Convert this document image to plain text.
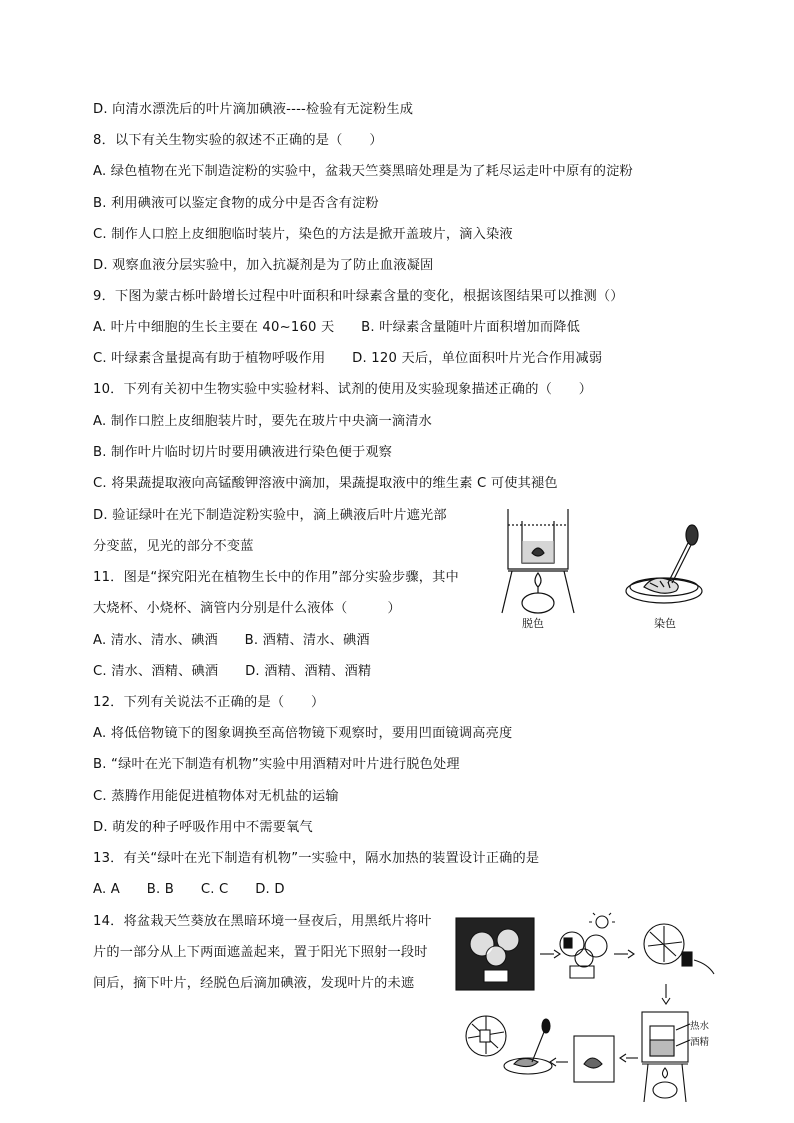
D. 向清水漂洗后的叶片滴加碘液----检验有无淀粉生成
8．以下有关生物实验的叙述不正确的是（　　）
A. 绿色植物在光下制造淀粉的实验中，盆栽天竺葵黑暗处理是为了耗尽运走叶中原有的淀粉
B. 利用碘液可以鉴定食物的成分中是否含有淀粉
C. 制作人口腔上皮细胞临时装片，染色的方法是掀开盖玻片，滴入染液
D. 观察血液分层实验中，加入抗凝剂是为了防止血液凝固
9．下图为蒙古栎叶龄增长过程中叶面积和叶绿素含量的变化，根据该图结果可以推测（）
A. 叶片中细胞的生长主要在 40~160 天　　B. 叶绿素含量随叶片面积增加而降低
C. 叶绿素含量提高有助于植物呼吸作用　　D. 120 天后，单位面积叶片光合作用减弱
10．下列有关初中生物实验中实验材料、试剂的使用及实验现象描述正确的（　　）
A. 制作口腔上皮细胞装片时，要先在玻片中央滴一滴清水
B. 制作叶片临时切片时要用碘液进行染色便于观察
C. 将果蔬提取液向高锰酸钾溶液中滴加，果蔬提取液中的维生素 C 可使其褪色
D. 验证绿叶在光下制造淀粉实验中，滴上碘液后叶片遮光部
分变蓝，见光的部分不变蓝
11．图是“探究阳光在植物生长中的作用”部分实验步骤，其中
大烧杯、小烧杯、滴管内分别是什么液体（　　　）
A. 清水、清水、碘酒　　B. 酒精、清水、碘酒
C. 清水、酒精、碘酒　　D. 酒精、酒精、酒精
12．下列有关说法不正确的是（　　）
A. 将低倍物镜下的图象调换至高倍物镜下观察时，要用凹面镜调高亮度
B. “绿叶在光下制造有机物”实验中用酒精对叶片进行脱色处理
C. 蒸腾作用能促进植物体对无机盐的运输
D. 萌发的种子呼吸作用中不需要氧气
13．有关“绿叶在光下制造有机物”一实验中，隔水加热的装置设计正确的是
A. A　　B. B　　C. C　　D. D
14．将盆栽天竺葵放在黑暗环境一昼夜后，用黑纸片将叶
片的一部分从上下两面遮盖起来，置于阳光下照射一段时
间后，摘下叶片，经脱色后滴加碘液，发现叶片的未遮
脱色	染色
热水
酒精
